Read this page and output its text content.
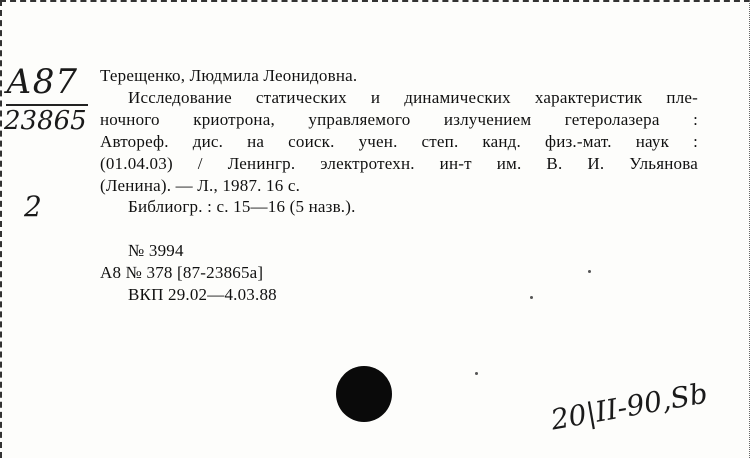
А87
23865
2
Терещенко, Людмила Леонидовна.
Исследование статических и динамических характеристик пле-
ночного криотрона, управляемого излучением гетеролазера :
Автореф. дис. на соиск. учен. степ. канд. физ.-мат. наук :
(01.04.03) / Ленингр. электротехн. ин-т им. В. И. Ульянова
(Ленина). — Л., 1987. 16 с.
Библиогр. : с. 15—16 (5 назв.).
№ 3994
А8 № 378 [87-23865а]
ВКП 29.02—4.03.88
20|II-90,Sb
